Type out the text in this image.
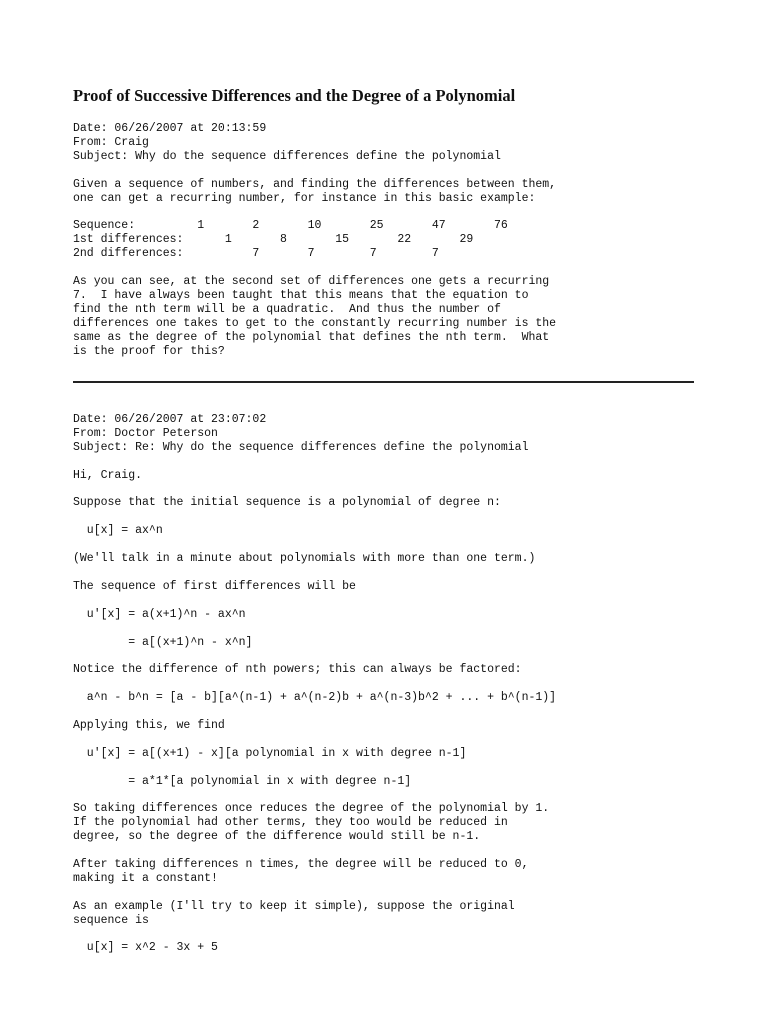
Proof of Successive Differences and the Degree of a Polynomial
Date: 06/26/2007 at 20:13:59
From: Craig
Subject: Why do the sequence differences define the polynomial

Given a sequence of numbers, and finding the differences between them,
one can get a recurring number, for instance in this basic example:

Sequence:         1       2       10       25       47       76
1st differences:      1       8       15       22       29
2nd differences:          7       7        7        7

As you can see, at the second set of differences one gets a recurring
7.  I have always been taught that this means that the equation to
find the nth term will be a quadratic.  And thus the number of
differences one takes to get to the constantly recurring number is the
same as the degree of the polynomial that defines the nth term.  What
is the proof for this?
Date: 06/26/2007 at 23:07:02
From: Doctor Peterson
Subject: Re: Why do the sequence differences define the polynomial

Hi, Craig.

Suppose that the initial sequence is a polynomial of degree n:

u[x] = ax^n

(We'll talk in a minute about polynomials with more than one term.)

The sequence of first differences will be

u'[x] = a(x+1)^n - ax^n

= a[(x+1)^n - x^n]

Notice the difference of nth powers; this can always be factored:

a^n - b^n = [a - b][a^(n-1) + a^(n-2)b + a^(n-3)b^2 + ... + b^(n-1)]

Applying this, we find

u'[x] = a[(x+1) - x][a polynomial in x with degree n-1]

= a*1*[a polynomial in x with degree n-1]

So taking differences once reduces the degree of the polynomial by 1.
If the polynomial had other terms, they too would be reduced in
degree, so the degree of the difference would still be n-1.

After taking differences n times, the degree will be reduced to 0,
making it a constant!

As an example (I'll try to keep it simple), suppose the original
sequence is

u[x] = x^2 - 3x + 5
